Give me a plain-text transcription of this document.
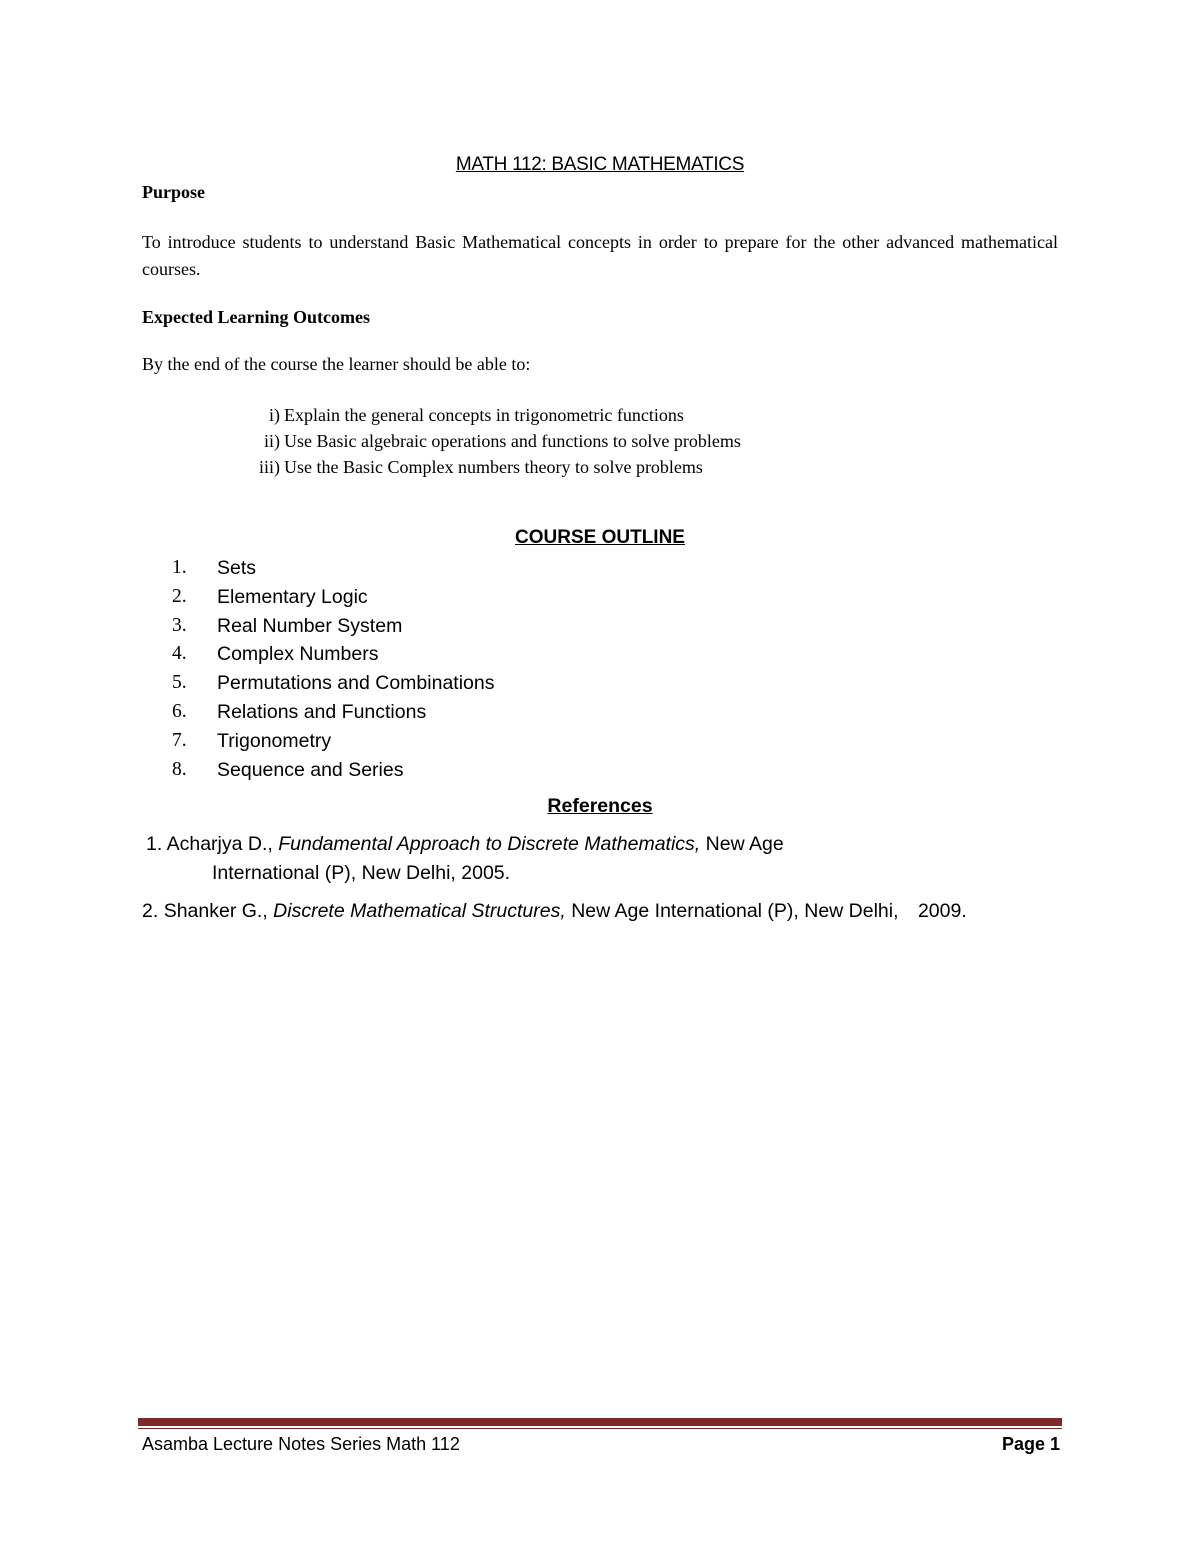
MATH 112: BASIC MATHEMATICS
Purpose
To introduce students to understand Basic Mathematical concepts in order to prepare for the other advanced mathematical courses.
Expected Learning Outcomes
By the end of the course the learner should be able to:
i) Explain the general concepts in trigonometric functions
ii) Use Basic algebraic operations and functions to solve problems
iii) Use the Basic Complex numbers theory to solve problems
COURSE OUTLINE
1.	Sets
2.	Elementary Logic
3.	Real Number System
4.	Complex Numbers
5.	Permutations and Combinations
6.	Relations and Functions
7.	Trigonometry
8.	Sequence and Series
References
1. Acharjya D., Fundamental Approach to Discrete Mathematics, New Age
International (P), New Delhi, 2005.
2. Shanker G., Discrete Mathematical Structures, New Age International (P), New Delhi, 2009.
Asamba Lecture Notes Series Math 112	Page 1
